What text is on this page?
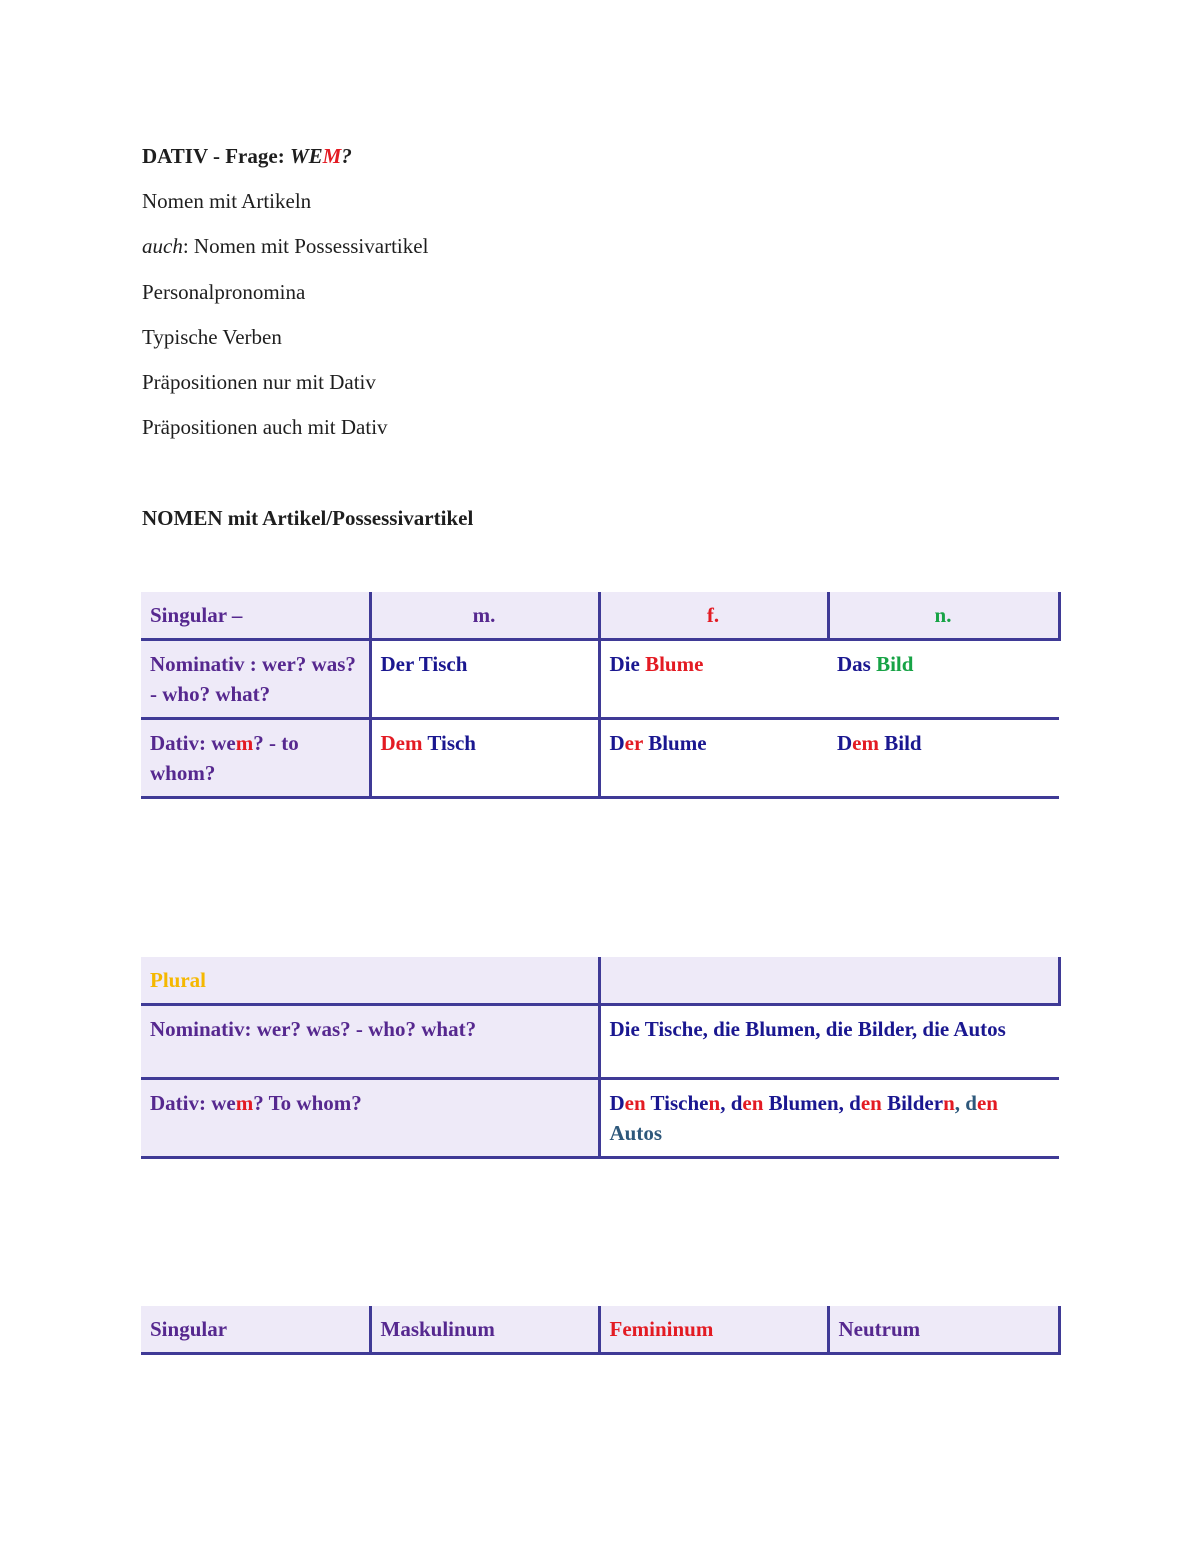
DATIV - Frage: WEM?
Nomen mit Artikeln
auch: Nomen mit Possessivartikel
Personalpronomina
Typische Verben
Präpositionen nur mit Dativ
Präpositionen auch mit Dativ
NOMEN mit Artikel/Possessivartikel
Singular –	m.	f.	n.
Nominativ : wer? was? - who? what?	Der Tisch	Die Blume	Das Bild
Dativ: wem? - to whom?	Dem Tisch	Der Blume	Dem Bild
Plural	
Nominativ: wer? was? - who? what?	Die Tische, die Blumen, die Bilder, die Autos
Dativ: wem? To whom?	Den Tischen, den Blumen, den Bildern, den Autos
Singular	Maskulinum	Femininum	Neutrum
